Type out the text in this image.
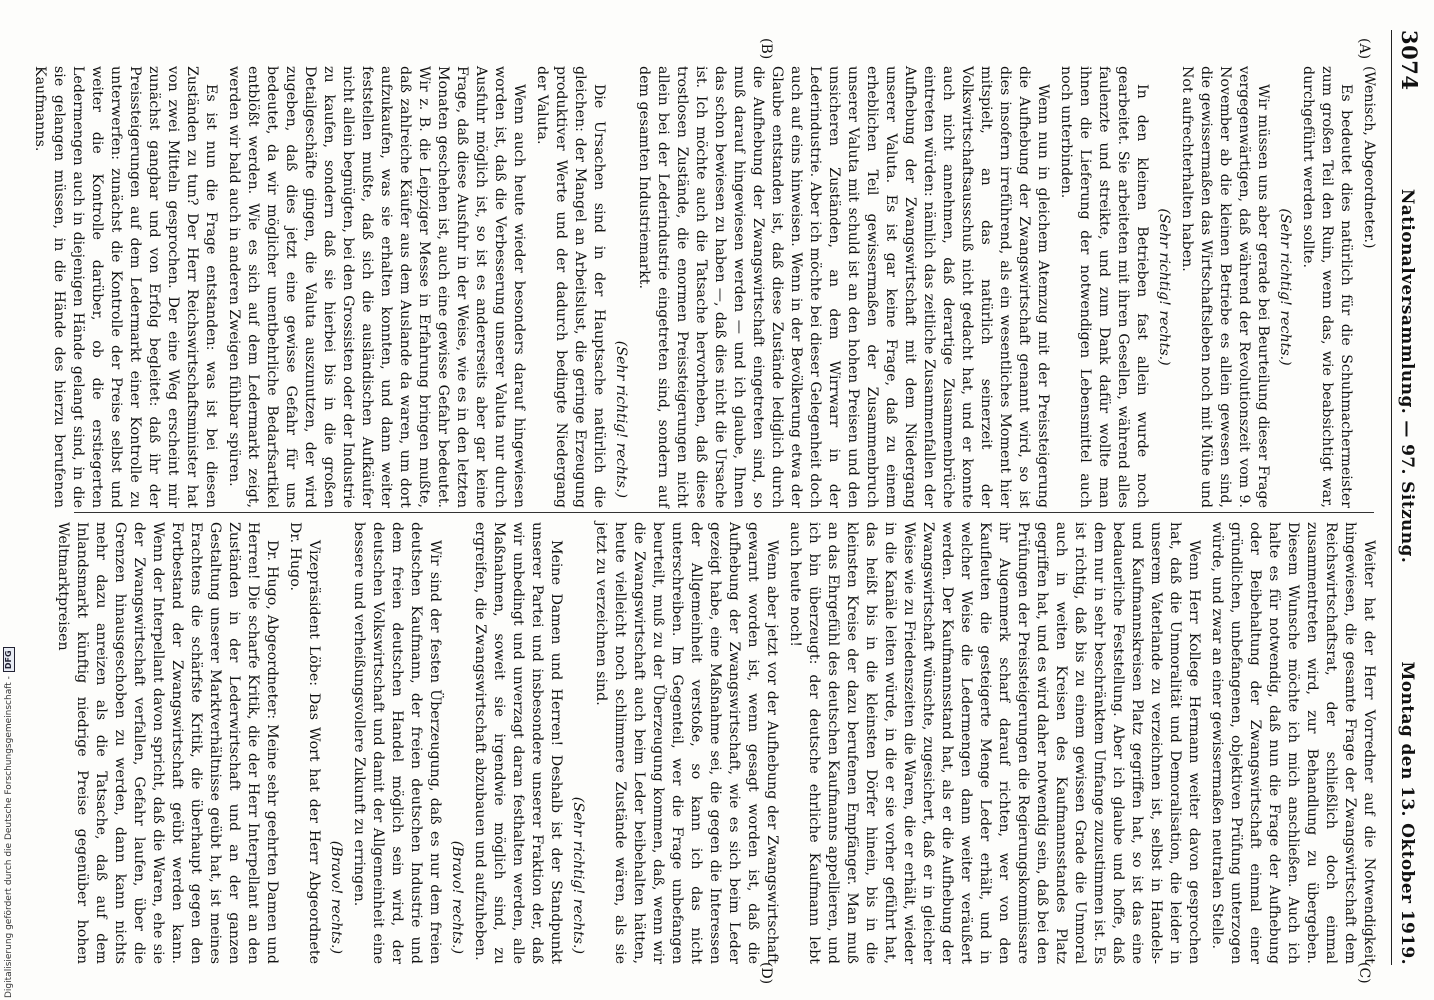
3074
Nationalversammlung. — 97. Sitzung.
Montag den 13. Oktober 1919.
(A)
(B)
(C)
(D)

(Wenisch, Abgeordneter.)

Es bedeutet dies natürlich für die Schuhmachermeister zum großen Teil den Ruin, wenn das, wie beabsichtigt war, durchgeführt werden sollte.

(Sehr richtig! rechts.)

Wir müssen uns aber gerade bei Beurteilung dieser Frage vergegenwärtigen, daß während der Revolutionszeit vom 9. November ab die kleinen Betriebe es allein gewesen sind, die gewissermaßen das Wirtschaftsleben noch mit Mühe und Not aufrechterhalten haben.

(Sehr richtig! rechts.)

In den kleinen Betrieben fast allein wurde noch gearbeitet. Sie arbeiteten mit ihren Gesellen, während alles faulenzte und streikte, und zum Dank dafür wollte man ihnen die Lieferung der notwendigen Lebensmittel auch noch unterbinden.

Wenn nun in gleichem Atemzug mit der Preissteigerung die Aufhebung der Zwangswirtschaft genannt wird, so ist dies insofern irreführend, als ein wesentliches Moment hier mitspielt, an das natürlich seinerzeit der Volkswirtschaftsausschuß nicht gedacht hat, und er konnte auch nicht annehmen, daß derartige Zusammenbrüche eintreten würden: nämlich das zeitliche Zusammenfallen der Aufhebung der Zwangswirtschaft mit dem Niedergang unserer Valuta. Es ist gar keine Frage, daß zu einem erheblichen Teil gewissermaßen der Zusammenbruch unserer Valuta mit schuld ist an den hohen Preisen und den unsicheren Zuständen, an dem Wirrwarr in der Lederindustrie. Aber ich möchte bei dieser Gelegenheit doch auch auf eins hinweisen. Wenn in der Bevölkerung etwa der Glaube entstanden ist, daß diese Zustände lediglich durch die Aufhebung der Zwangswirtschaft eingetreten sind, so muß darauf hingewiesen werden — und ich glaube, Ihnen das schon bewiesen zu haben —, daß dies nicht die Ursache ist. Ich möchte auch die Tatsache hervorheben, daß diese trostlosen Zustände, die enormen Preissteigerungen nicht allein bei der Lederindustrie eingetreten sind, sondern auf dem gesamten Industriemarkt.

(Sehr richtig! rechts.)

Die Ursachen sind in der Hauptsache natürlich die gleichen: der Mangel an Arbeitslust, die geringe Erzeugung produktiver Werte und der dadurch bedingte Niedergang der Valuta.

Wenn auch heute wieder besonders darauf hingewiesen worden ist, daß die Verbesserung unserer Valuta nur durch Ausfuhr möglich ist, so ist es andererseits aber gar keine Frage, daß diese Ausfuhr in der Weise, wie es in den letzten Monaten geschehen ist, auch eine gewisse Gefahr bedeutet. Wir z. B. die Leipziger Messe in Erfahrung bringen mußte, daß zahlreiche Käufer aus dem Auslande da waren, um dort aufzukaufen, was sie erhalten konnten, und dann weiter feststellen mußte, daß sich die ausländischen Aufkäufer nicht allein begnügten, bei den Grossisten oder der Industrie zu kaufen, sondern daß sie hierbei bis in die großen Detailgeschäfte gingen, die Valuta auszunutzen, der wird zugeben, daß dies jetzt eine gewisse Gefahr für uns bedeutet, da wir möglicher unentbehrliche Bedarfsartikel entblößt werden. Wie es sich auf dem Ledermarkt zeigt, werden wir bald auch in anderen Zweigen fühlbar spüren.

Es ist nun die Frage entstanden: was ist bei diesen Zuständen zu tun? Der Herr Reichswirtschaftsminister hat von zwei Mitteln gesprochen. Der eine Weg erscheint mir zunächst gangbar und von Erfolg begleitet: daß ihr der Preissteigerungen auf dem Ledermarkt einer Kontrolle zu unterwerfen: zunächst die Kontrolle der Preise selbst und weiter die Kontrolle darüber, ob die erstiegerten Ledermengen auch in diejenigen Hände gelangt sind, in die sie gelangen müssen, in die Hände des hierzu berufenen Kaufmanns.

Weiter hat der Herr Vorredner auf die Notwendigkeit hingewiesen, die gesamte Frage der Zwangswirtschaft dem Reichswirtschaftsrat, der schließlich doch einmal zusammentreten wird, zur Behandlung zu übergeben. Diesem Wunsche möchte ich mich anschließen. Auch ich halte es für notwendig, daß nun die Frage der Aufhebung oder Beibehaltung der Zwangswirtschaft einmal einer gründlichen, unbefangenen, objektiven Prüfung unterzogen würde, und zwar an einer gewissermaßen neutralen Stelle.

Wenn Herr Kollege Hermann weiter davon gesprochen hat, daß die Unmoralität und Demoralisation, die leider in unserem Vaterlande zu verzeichnen ist, selbst in Handels- und Kaufmannskreisen Platz gegriffen hat, so ist das eine bedauerliche Feststellung. Aber ich glaube und hoffe, daß dem nur in sehr beschränktem Umfange zuzustimmen ist. Es ist richtig, daß bis zu einem gewissen Grade die Unmoral auch in weiten Kreisen des Kaufmannsstandes Platz gegriffen hat, und es wird daher notwendig sein, daß bei den Prüfungen der Preissteigerungen die Regierungskommissare ihr Augenmerk scharf darauf richten, wer von den Kaufleuten die gesteigerte Menge Leder erhält, und in welcher Weise die Ledermengen dann weiter veräußert werden. Der Kaufmannsstand hat, als er die Aufhebung der Zwangswirtschaft wünschte, zugesichert, daß er in gleicher Weise wie zu Friedenszeiten die Waren, die er erhält, wieder in die Kanäle leiten würde, in die er sie vorher geführt hat, das heißt bis in die kleinsten Dörfer hinein, bis in die kleinsten Kreise der dazu berufenen Empfänger. Man muß an das Ehrgefühl des deutschen Kaufmanns appellieren, und ich bin überzeugt: der deutsche ehrliche Kaufmann lebt auch heute noch!

Wenn aber jetzt vor der Aufhebung der Zwangswirtschaft gewarnt worden ist, wenn gesagt worden ist, daß die Aufhebung der Zwangswirtschaft, wie es sich beim Leder gezeigt habe, eine Maßnahme sei, die gegen die Interessen der Allgemeinheit verstoße, so kann ich das nicht unterschreiben. Im Gegenteil, wer die Frage unbefangen beurteilt, muß zu der Überzeugung kommen, daß, wenn wir die Zwangswirtschaft auch beim Leder beibehalten hätten, heute vielleicht noch schlimmere Zustände wären, als sie jetzt zu verzeichnen sind.

(Sehr richtig! rechts.)

Meine Damen und Herren! Deshalb ist der Standpunkt unserer Partei und insbesondere unserer Fraktion der, daß wir unbedingt und unverzagt daran festhalten werden, alle Maßnahmen, soweit sie irgendwie möglich sind, zu ergreifen, die Zwangswirtschaft abzubauen und aufzuheben.

(Bravo! rechts.)

Wir sind der festen Überzeugung, daß es nur dem freien deutschen Kaufmann, der freien deutschen Industrie und dem freien deutschen Handel möglich sein wird, der deutschen Volkswirtschaft und damit der Allgemeinheit eine bessere und verheißungsvollere Zukunft zu erringen.

(Bravo! rechts.)

Vizepräsident Löbe: Das Wort hat der Herr Abgeordnete Dr. Hugo.

Dr. Hugo, Abgeordneter: Meine sehr geehrten Damen und Herren! Die scharfe Kritik, die der Herr Interpellant an den Zuständen in der Lederwirtschaft und an der ganzen Gestaltung unserer Marktverhältnisse geübt hat, ist meines Erachtens die schärfste Kritik, die überhaupt gegen den Fortbestand der Zwangswirtschaft geübt werden kann. Wenn der Interpellant davon spricht, daß die Waren, ehe sie der Zwangswirtschaft verfallen, Gefahr laufen, über die Grenzen hinausgeschoben zu werden, dann kann nichts mehr dazu anreizen als die Tatsache, daß auf dem Inlandsmarkt künftig niedrige Preise gegenüber hohen Weltmarktpreisen

Digitalisierung gefördert durch die Deutsche Forschungsgemeinschaft -
DFG
